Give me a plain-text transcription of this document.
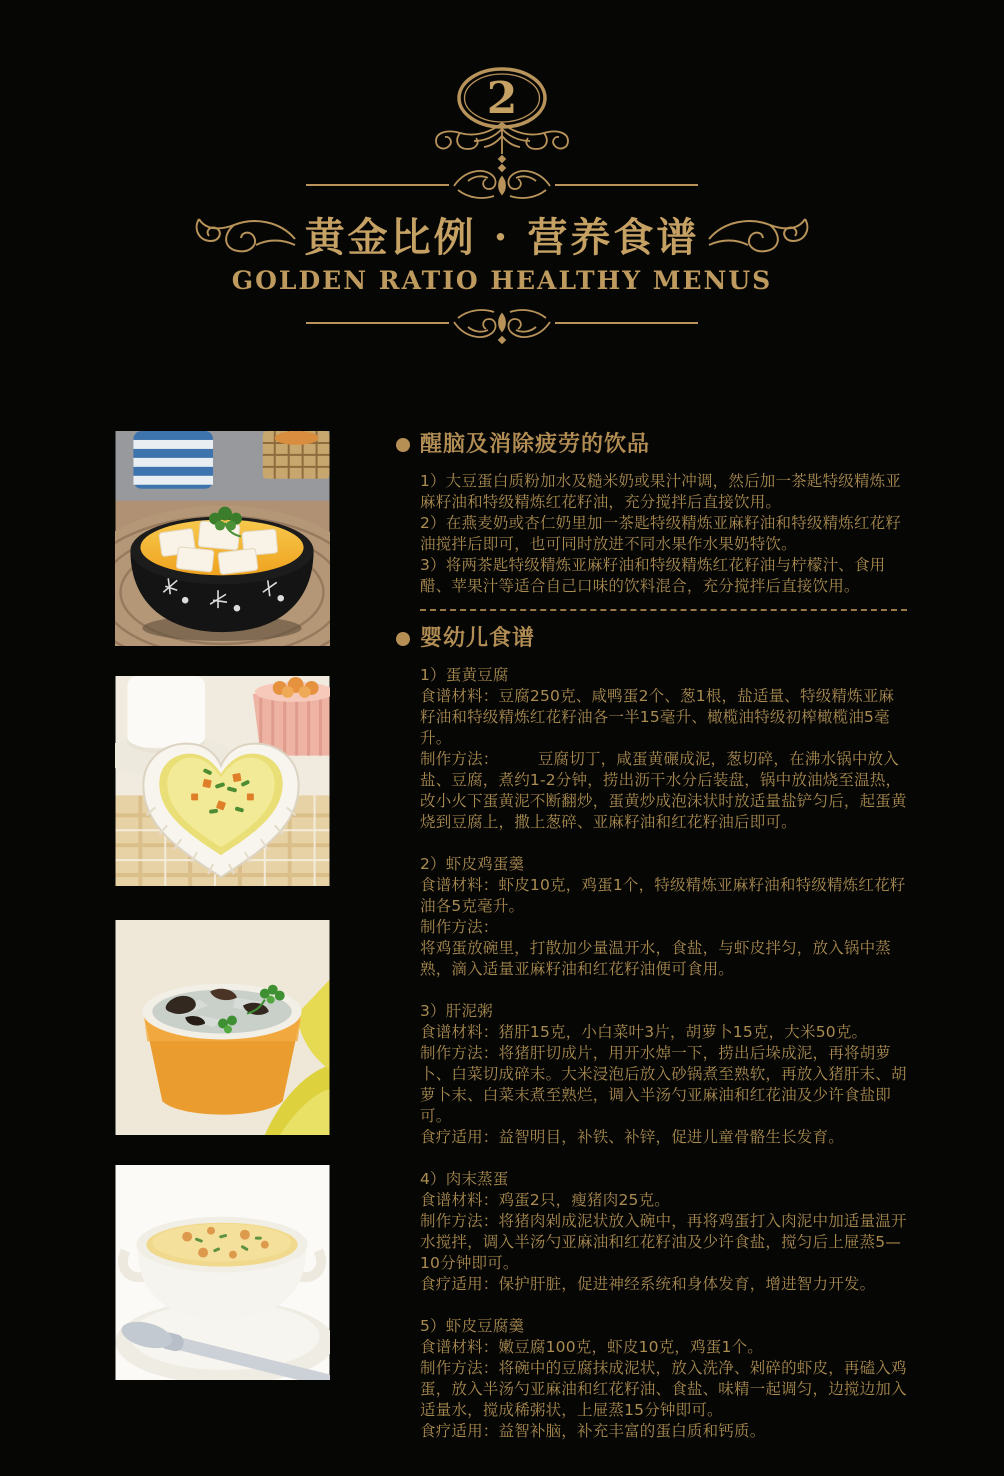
2
黄金比例 · 营养食谱

GOLDEN RATIO HEALTHY MENUS

醒脑及消除疲劳的饮品

1）大豆蛋白质粉加水及糙米奶或果汁冲调，然后加一茶匙特级精炼亚麻籽油和特级精炼红花籽油，充分搅拌后直接饮用。

2）在燕麦奶或杏仁奶里加一茶匙特级精炼亚麻籽油和特级精炼红花籽油搅拌后即可，也可同时放进不同水果作水果奶特饮。

3）将两茶匙特级精炼亚麻籽油和特级精炼红花籽油与柠檬汁、食用醋、苹果汁等适合自己口味的饮料混合，充分搅拌后直接饮用。

婴幼儿食谱

1）蛋黄豆腐

食谱材料：豆腐250克、咸鸭蛋2个、葱1根，盐适量、特级精炼亚麻籽油和特级精炼红花籽油各一半15毫升、橄榄油特级初榨橄榄油5毫升。

制作方法：　　　豆腐切丁，咸蛋黄碾成泥，葱切碎，在沸水锅中放入盐、豆腐，煮约1-2分钟，捞出沥干水分后装盘，锅中放油烧至温热，改小火下蛋黄泥不断翻炒，蛋黄炒成泡沫状时放适量盐铲匀后，起蛋黄烧到豆腐上，撒上葱碎、亚麻籽油和红花籽油后即可。

2）虾皮鸡蛋羹

食谱材料：虾皮10克，鸡蛋1个，特级精炼亚麻籽油和特级精炼红花籽油各5克毫升。

制作方法：

将鸡蛋放碗里，打散加少量温开水，食盐，与虾皮拌匀，放入锅中蒸熟，滴入适量亚麻籽油和红花籽油便可食用。

3）肝泥粥

食谱材料：猪肝15克，小白菜叶3片，胡萝卜15克，大米50克。

制作方法：将猪肝切成片，用开水焯一下，捞出后垛成泥，再将胡萝卜、白菜切成碎末。大米浸泡后放入砂锅煮至熟软，再放入猪肝末、胡萝卜末、白菜末煮至熟烂，调入半汤勺亚麻油和红花油及少许食盐即可。

食疗适用：益智明目，补铁、补锌，促进儿童骨骼生长发育。

4）肉末蒸蛋

食谱材料：鸡蛋2只，瘦猪肉25克。

制作方法：将猪肉剁成泥状放入碗中，再将鸡蛋打入肉泥中加适量温开水搅拌，调入半汤勺亚麻油和红花籽油及少许食盐，搅匀后上屉蒸5—10分钟即可。

食疗适用：保护肝脏，促进神经系统和身体发育，增进智力开发。

5）虾皮豆腐羹

食谱材料：嫩豆腐100克，虾皮10克，鸡蛋1个。

制作方法：将碗中的豆腐抹成泥状，放入洗净、剁碎的虾皮，再磕入鸡蛋，放入半汤勺亚麻油和红花籽油、食盐、味精一起调匀，边搅边加入适量水，搅成稀粥状，上屉蒸15分钟即可。

食疗适用：益智补脑，补充丰富的蛋白质和钙质。
